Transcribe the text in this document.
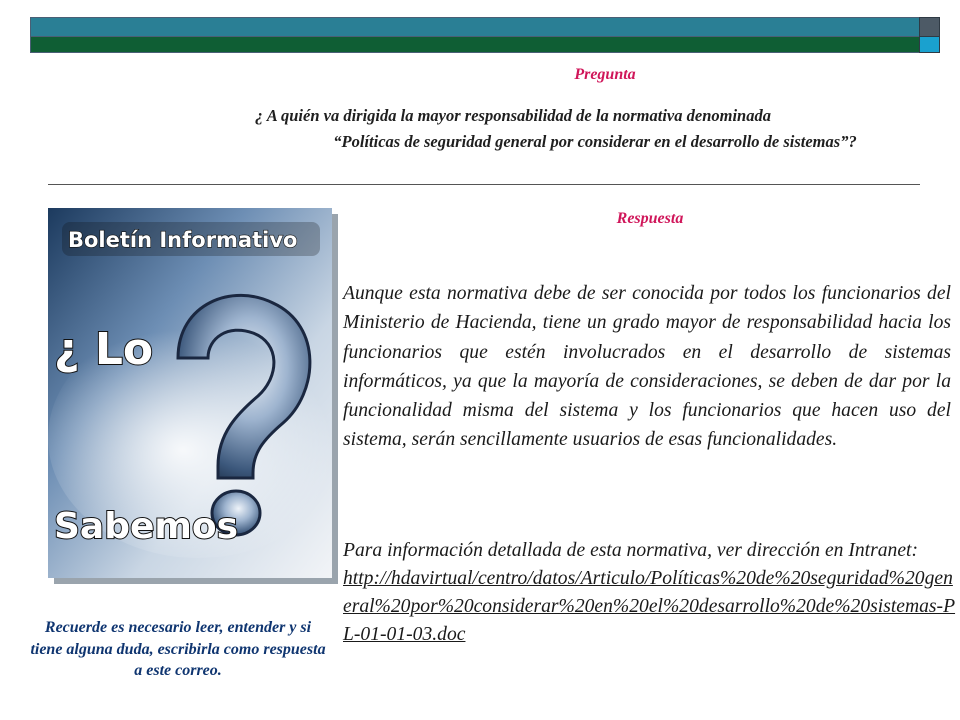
Pregunta
¿ A quién va dirigida la mayor responsabilidad de la normativa denominada
“Políticas de seguridad general por considerar en el desarrollo de sistemas”?
Boletín Informativo
¿ Lo
Sabemos
Respuesta
Aunque esta normativa debe de ser conocida por todos los funcionarios del Ministerio de Hacienda, tiene un grado mayor de responsabilidad hacia los funcionarios que estén involucrados en el desarrollo de sistemas informáticos, ya que la mayoría de consideraciones, se deben de dar por la funcionalidad misma del sistema y los funcionarios que hacen uso del sistema, serán sencillamente usuarios de esas funcionalidades.
Para información detallada de esta normativa, ver dirección en Intranet:
http://hdavirtual/centro/datos/Articulo/Políticas%20de%20seguridad%20general%20por%20considerar%20en%20el%20desarrollo%20de%20sistemas-PL-01-01-03.doc
Recuerde es necesario leer, entender y si tiene alguna duda, escribirla como respuesta a este correo.
